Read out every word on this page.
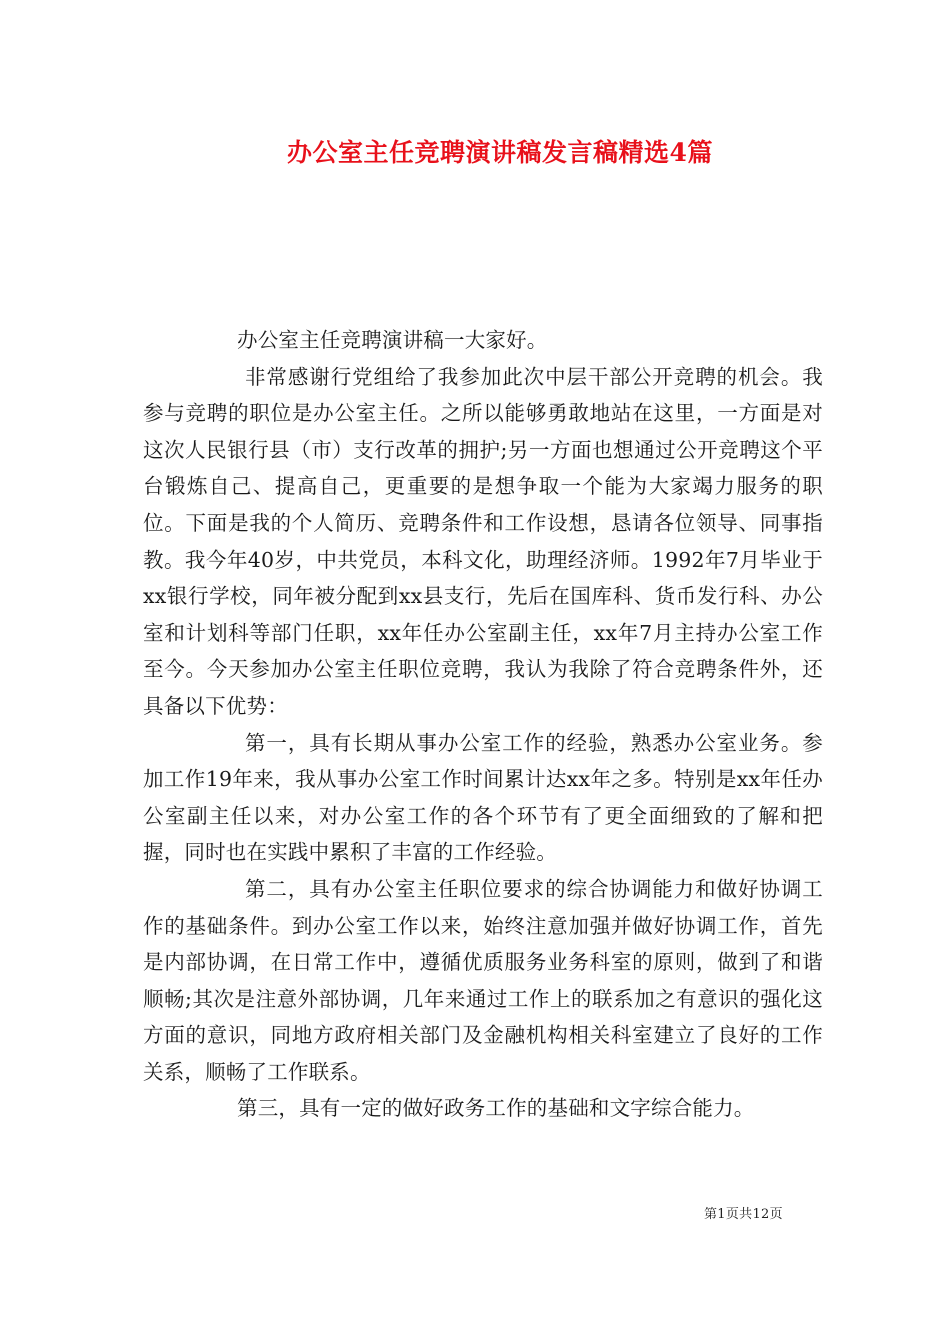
办公室主任竞聘演讲稿发言稿精选4篇

办公室主任竞聘演讲稿一大家好。

非常感谢行党组给了我参加此次中层干部公开竞聘的机会。我参与竞聘的职位是办公室主任。之所以能够勇敢地站在这里，一方面是对这次人民银行县（市）支行改革的拥护;另一方面也想通过公开竞聘这个平台锻炼自己、提高自己，更重要的是想争取一个能为大家竭力服务的职位。下面是我的个人简历、竞聘条件和工作设想，恳请各位领导、同事指教。我今年40岁，中共党员，本科文化，助理经济师。1992年7月毕业于xx银行学校，同年被分配到xx县支行，先后在国库科、货币发行科、办公室和计划科等部门任职，xx年任办公室副主任，xx年7月主持办公室工作至今。今天参加办公室主任职位竞聘，我认为我除了符合竞聘条件外，还具备以下优势：

第一，具有长期从事办公室工作的经验，熟悉办公室业务。参加工作19年来，我从事办公室工作时间累计达xx年之多。特别是xx年任办公室副主任以来，对办公室工作的各个环节有了更全面细致的了解和把握，同时也在实践中累积了丰富的工作经验。

第二，具有办公室主任职位要求的综合协调能力和做好协调工作的基础条件。到办公室工作以来，始终注意加强并做好协调工作，首先是内部协调，在日常工作中，遵循优质服务业务科室的原则，做到了和谐顺畅;其次是注意外部协调，几年来通过工作上的联系加之有意识的强化这方面的意识，同地方政府相关部门及金融机构相关科室建立了良好的工作关系，顺畅了工作联系。

第三，具有一定的做好政务工作的基础和文字综合能力。

第1页共12页
